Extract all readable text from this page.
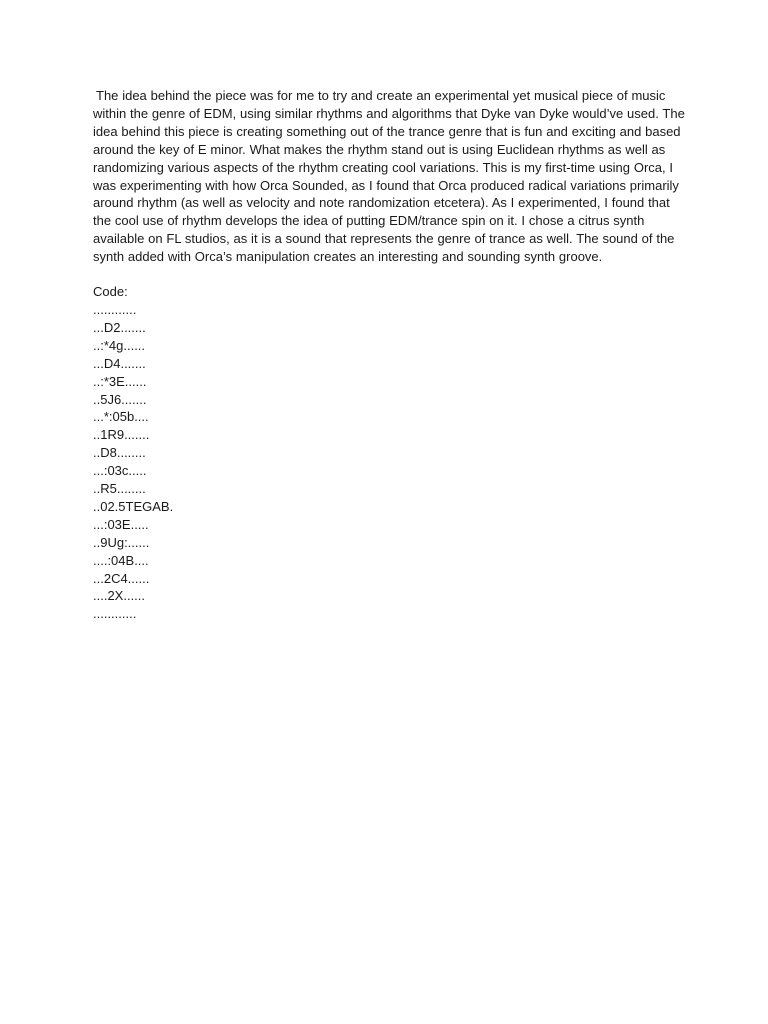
The idea behind the piece was for me to try and create an experimental yet musical piece of music within the genre of EDM, using similar rhythms and algorithms that Dyke van Dyke would’ve used. The idea behind this piece is creating something out of the trance genre that is fun and exciting and based around the key of E minor. What makes the rhythm stand out is using Euclidean rhythms as well as randomizing various aspects of the rhythm creating cool variations. This is my first-time using Orca, I was experimenting with how Orca Sounded, as I found that Orca produced radical variations primarily around rhythm (as well as velocity and note randomization etcetera). As I experimented, I found that the cool use of rhythm develops the idea of putting EDM/trance spin on it. I chose a citrus synth available on FL studios, as it is a sound that represents the genre of trance as well. The sound of the synth added with Orca’s manipulation creates an interesting and sounding synth groove.

Code:

............
...D2.......
..:*4g......
...D4.......
..:*3E......
..5J6.......
...*:05b....
..1R9.......
..D8........
...:03c.....
..R5........
..02.5TEGAB.
...:03E.....
..9Ug:......
....:04B....
...2C4......
....2X......
............
